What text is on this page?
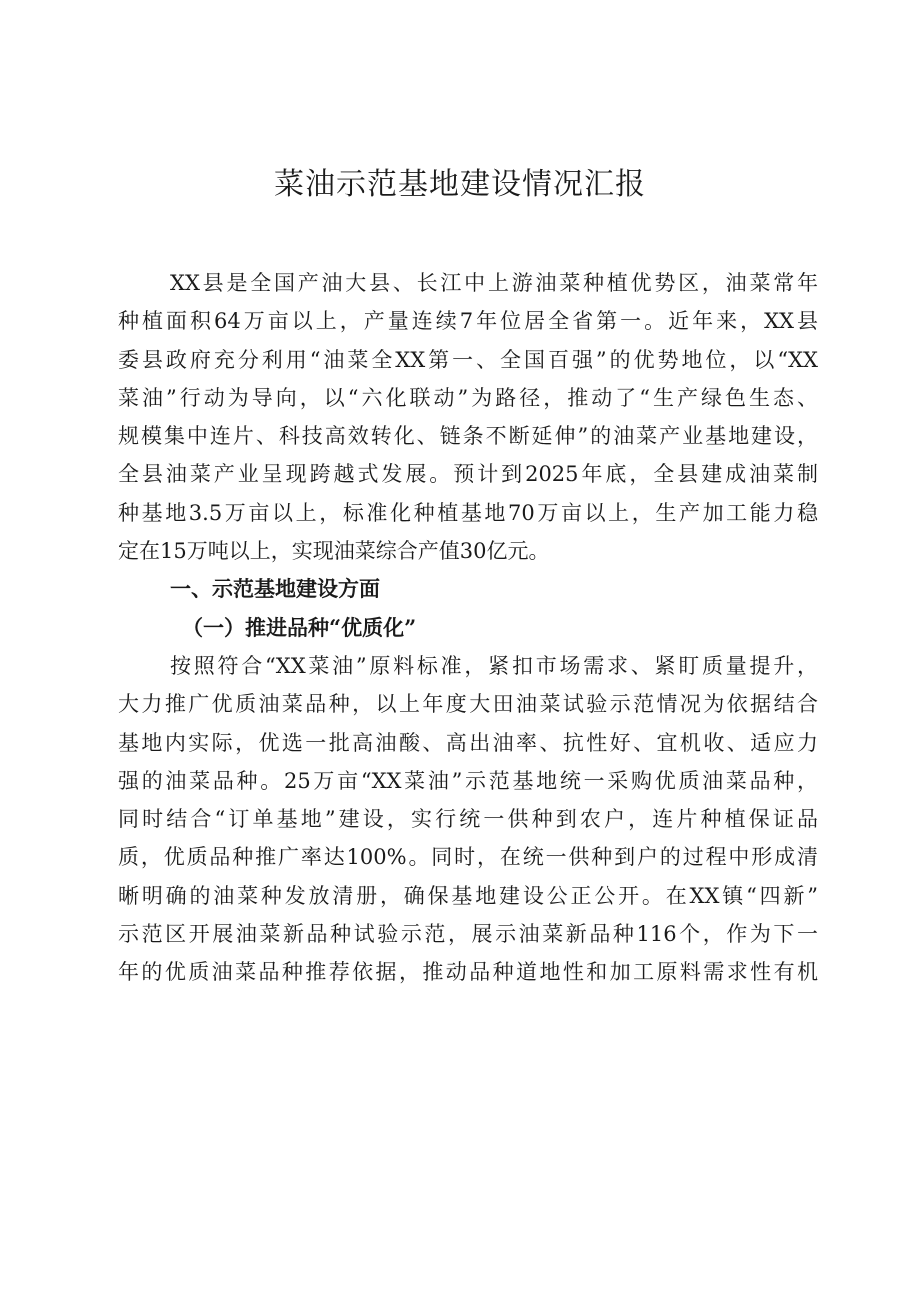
菜油示范基地建设情况汇报
XX县是全国产油大县、长江中上游油菜种植优势区，油菜常年
种植面积64万亩以上，产量连续7年位居全省第一。近年来，XX县
委县政府充分利用“油菜全XX第一、全国百强”的优势地位，以“XX
菜油”行动为导向，以“六化联动”为路径，推动了“生产绿色生态、
规模集中连片、科技高效转化、链条不断延伸”的油菜产业基地建设，
全县油菜产业呈现跨越式发展。预计到2025年底，全县建成油菜制
种基地3.5万亩以上，标准化种植基地70万亩以上，生产加工能力稳
定在15万吨以上，实现油菜综合产值30亿元。
一、示范基地建设方面
（一）推进品种“优质化”
按照符合“XX菜油”原料标准，紧扣市场需求、紧盯质量提升，
大力推广优质油菜品种，以上年度大田油菜试验示范情况为依据结合
基地内实际，优选一批高油酸、高出油率、抗性好、宜机收、适应力
强的油菜品种。25万亩“XX菜油”示范基地统一采购优质油菜品种，
同时结合“订单基地”建设，实行统一供种到农户，连片种植保证品
质，优质品种推广率达100%。同时，在统一供种到户的过程中形成清
晰明确的油菜种发放清册，确保基地建设公正公开。在XX镇“四新”
示范区开展油菜新品种试验示范，展示油菜新品种116个，作为下一
年的优质油菜品种推荐依据，推动品种道地性和加工原料需求性有机
